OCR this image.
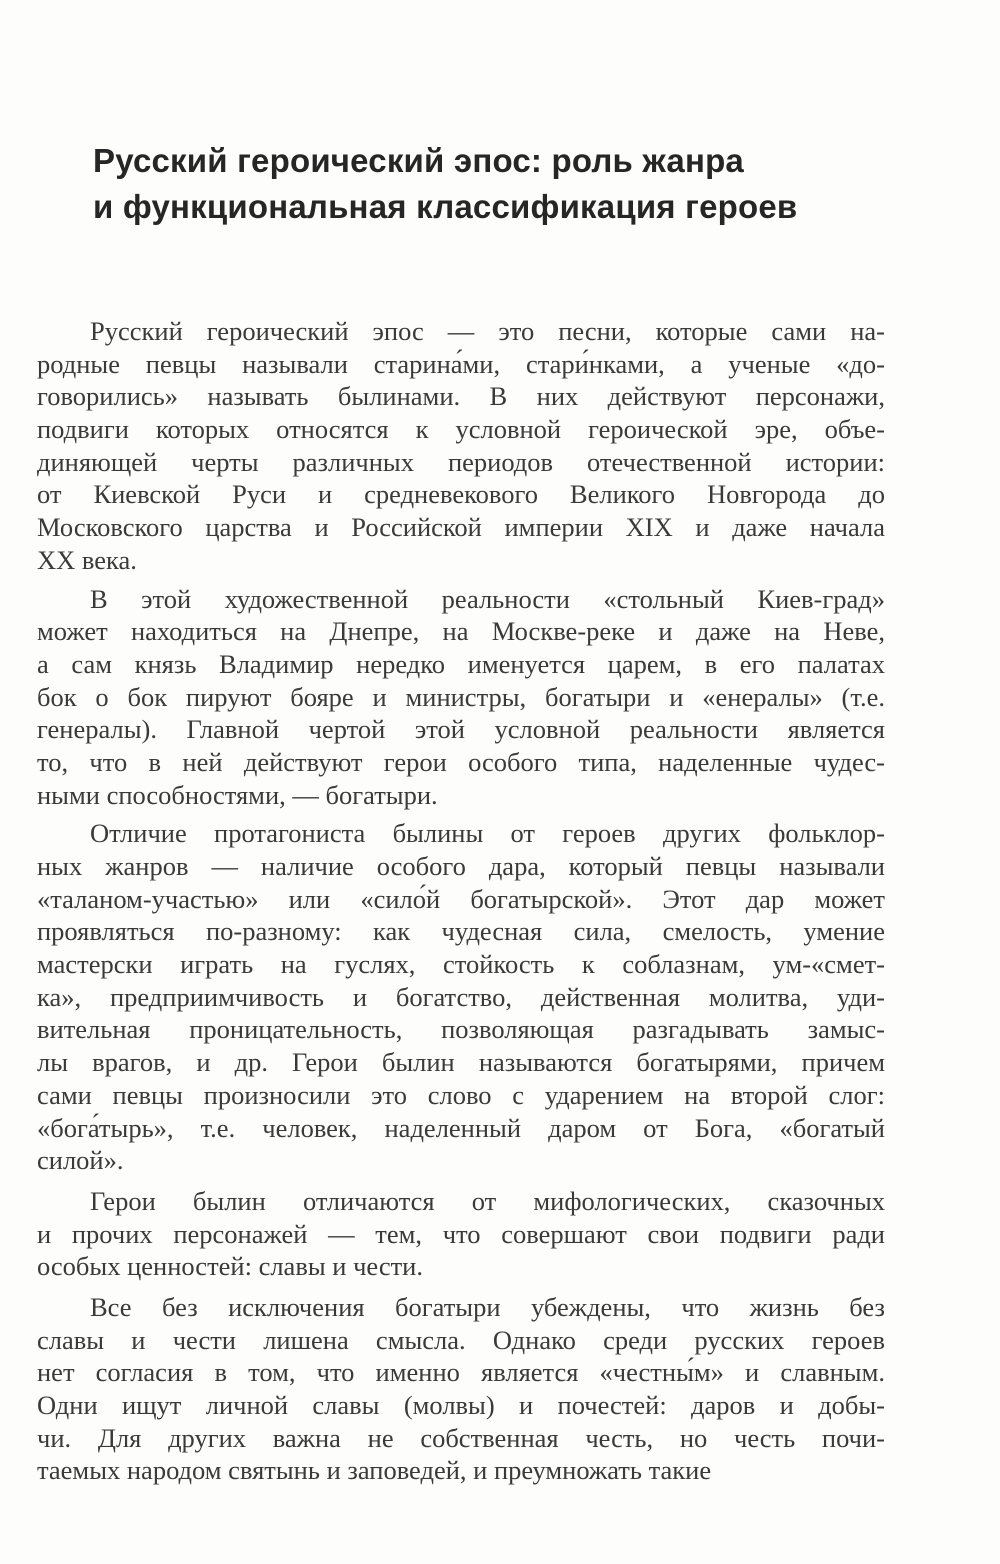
Русский героический эпос: роль жанра
и функциональная классификация героев
Русский героический эпос — это песни, которые сами на-
родные певцы называли старина́ми, стари́нками, а ученые «до-
говорились» называть былинами. В них действуют персонажи,
подвиги которых относятся к условной героической эре, объе-
диняющей черты различных периодов отечественной истории:
от Киевской Руси и средневекового Великого Новгорода до
Московского царства и Российской империи XIX и даже начала
XX века.
В этой художественной реальности «стольный Киев-град»
может находиться на Днепре, на Москве-реке и даже на Неве,
а сам князь Владимир нередко именуется царем, в его палатах
бок о бок пируют бояре и министры, богатыри и «енералы» (т.е.
генералы). Главной чертой этой условной реальности является
то, что в ней действуют герои особого типа, наделенные чудес-
ными способностями, — богатыри.
Отличие протагониста былины от героев других фольклор-
ных жанров — наличие особого дара, который певцы называли
«таланом-участью» или «сило́й богатырской». Этот дар может
проявляться по-разному: как чудесная сила, смелость, умение
мастерски играть на гуслях, стойкость к соблазнам, ум-«смет-
ка», предприимчивость и богатство, действенная молитва, уди-
вительная проницательность, позволяющая разгадывать замыс-
лы врагов, и др. Герои былин называются богатырями, причем
сами певцы произносили это слово с ударением на второй слог:
«бога́тырь», т.е. человек, наделенный даром от Бога, «богатый
силой».
Герои былин отличаются от мифологических, сказочных
и прочих персонажей — тем, что совершают свои подвиги ради
особых ценностей: славы и чести.
Все без исключения богатыри убеждены, что жизнь без
славы и чести лишена смысла. Однако среди русских героев
нет согласия в том, что именно является «честны́м» и славным.
Одни ищут личной славы (молвы) и почестей: даров и добы-
чи. Для других важна не собственная честь, но честь почи-
таемых народом святынь и заповедей, и преумножать такие
